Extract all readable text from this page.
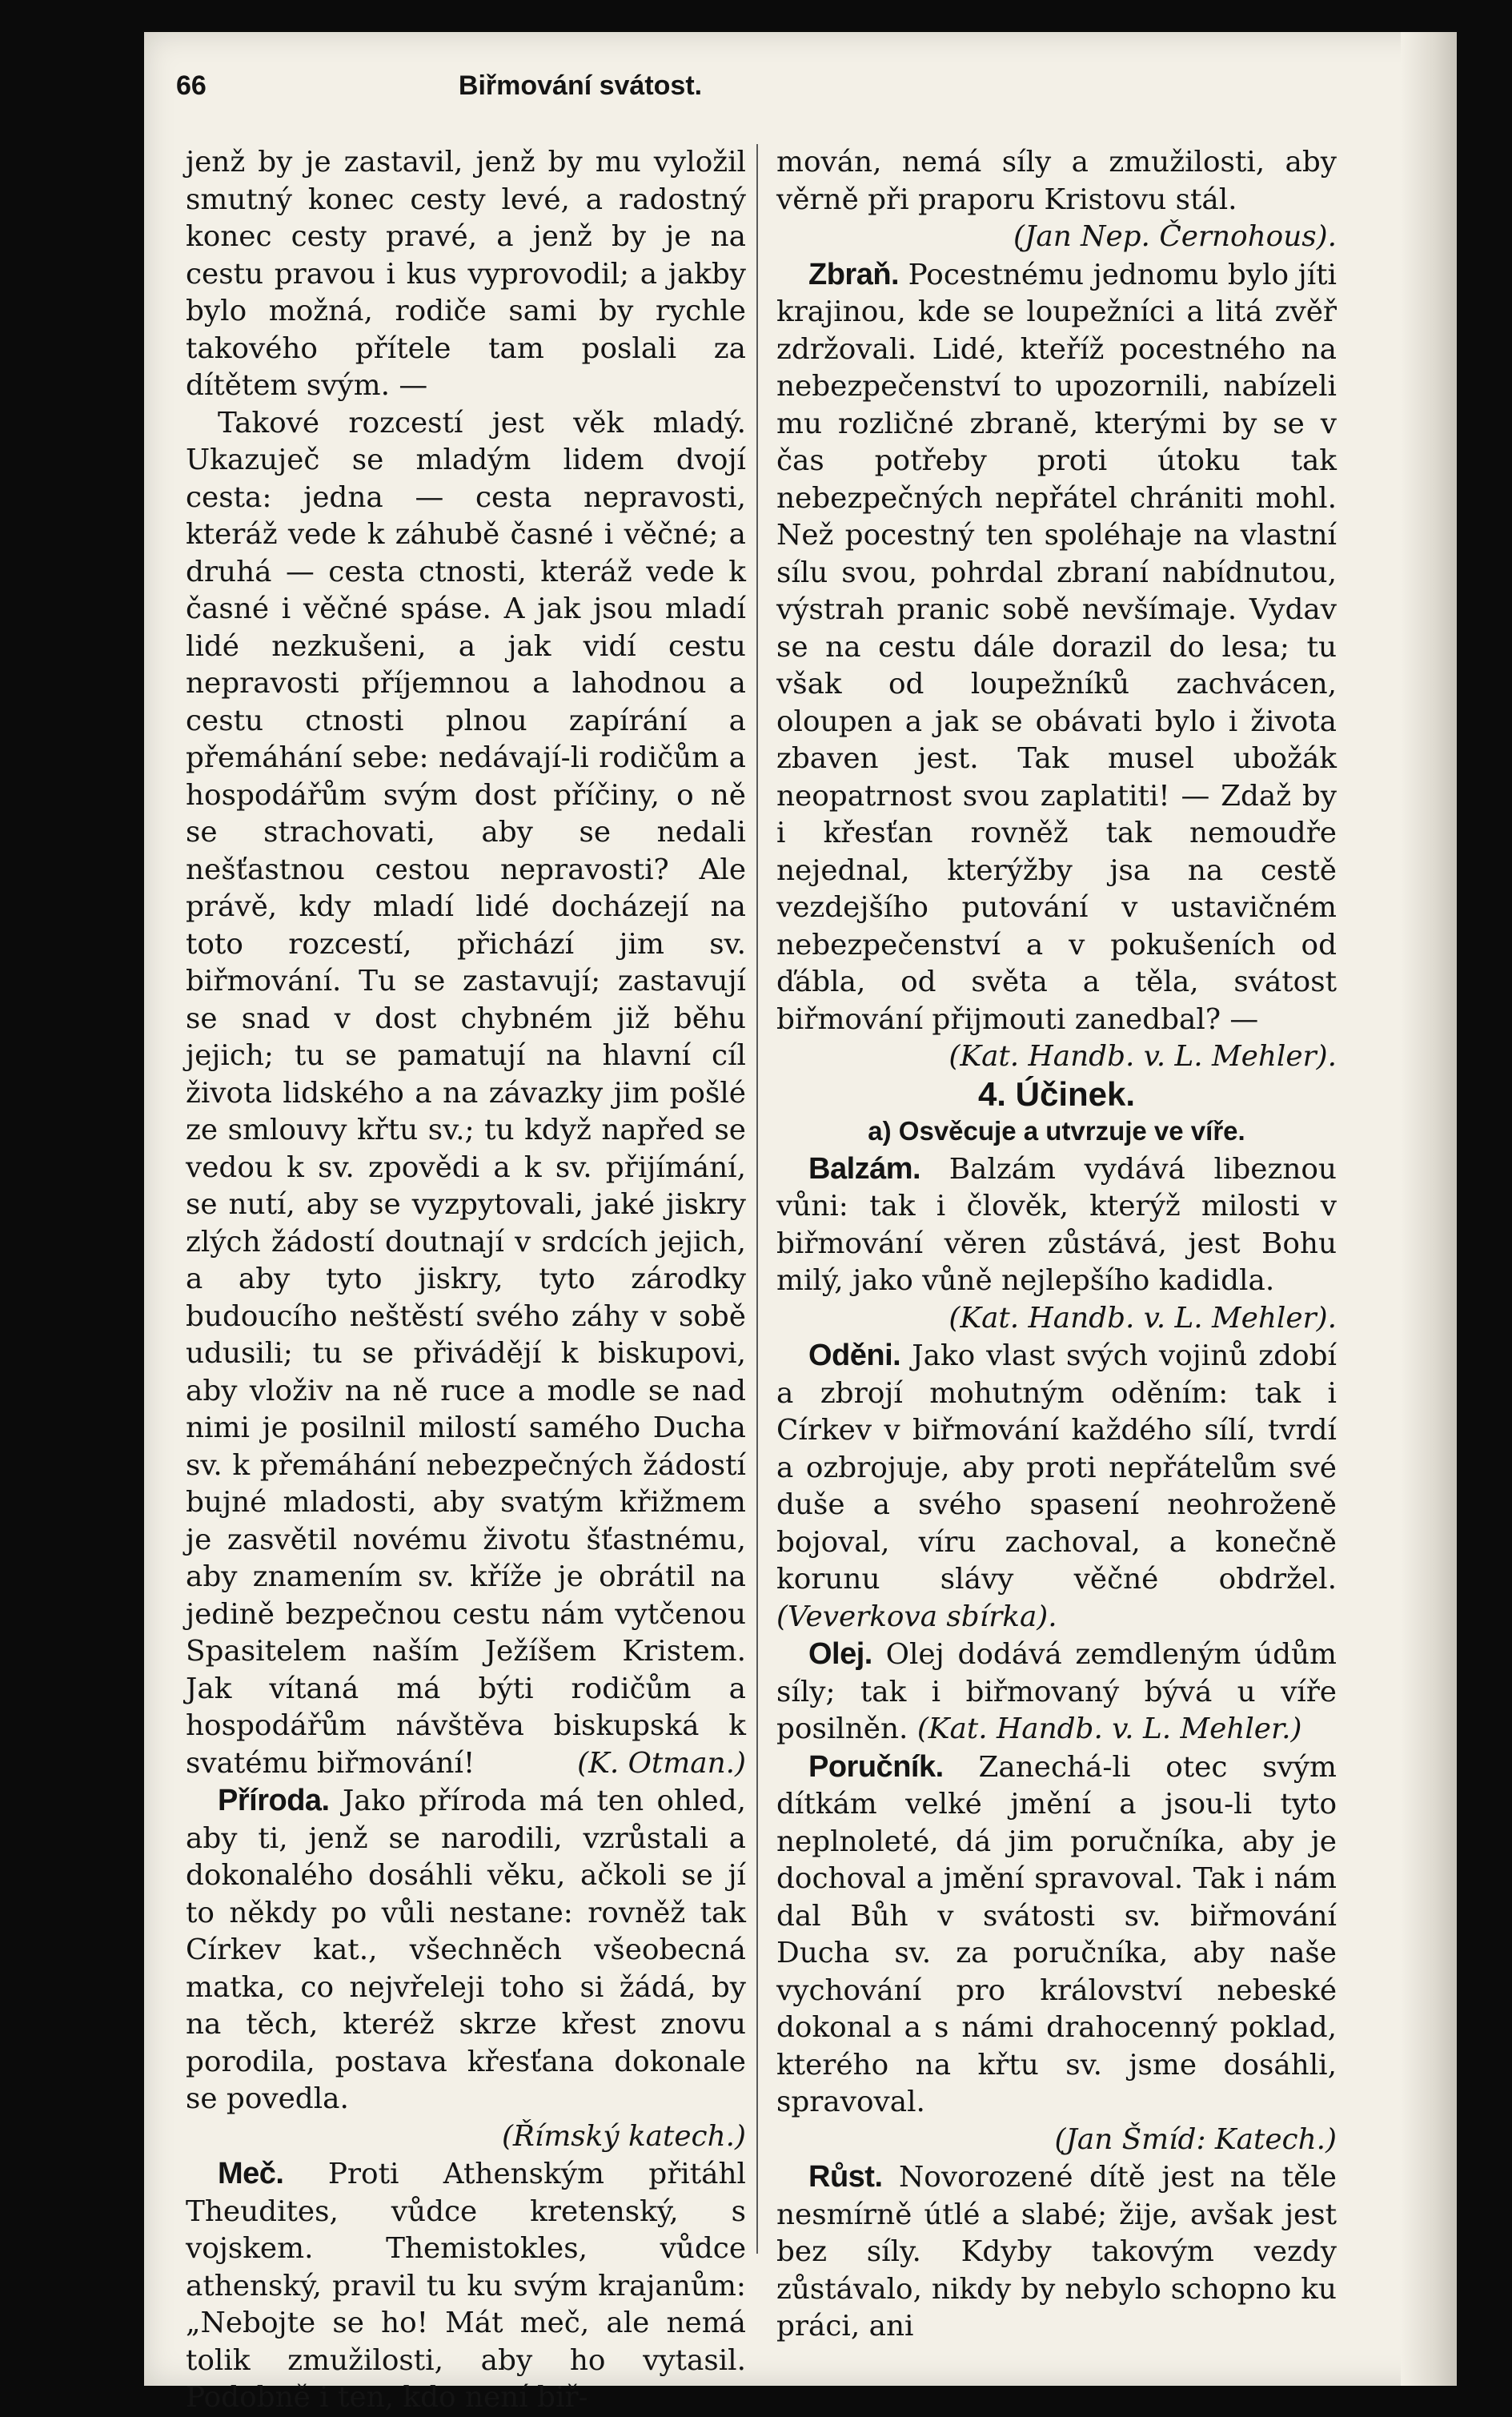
66	Biřmování svátost.

jenž by je zastavil, jenž by mu vyložil smutný konec cesty levé, a radostný konec cesty pravé, a jenž by je na cestu pravou i kus vyprovodil; a jakby bylo možná, rodiče sami by rychle takového přítele tam poslali za dítětem svým. —

Takové rozcestí jest věk mladý. Ukazuječ se mladým lidem dvojí cesta: jedna — cesta nepravosti, kteráž vede k záhubě časné i věčné; a druhá — cesta ctnosti, kteráž vede k časné i věčné spáse. A jak jsou mladí lidé nezkušeni, a jak vidí cestu nepravosti příjemnou a lahodnou a cestu ctnosti plnou zapírání a přemáhání sebe: nedávají-li rodičům a hospodářům svým dost příčiny, o ně se strachovati, aby se nedali nešťastnou cestou nepravosti? Ale právě, kdy mladí lidé docházejí na toto rozcestí, přichází jim sv. biřmování. Tu se zastavují; zastavují se snad v dost chybném již běhu jejich; tu se pamatují na hlavní cíl života lidského a na závazky jim pošlé ze smlouvy křtu sv.; tu když napřed se vedou k sv. zpovědi a k sv. přijímání, se nutí, aby se vyzpytovali, jaké jiskry zlých žádostí doutnají v srdcích jejich, a aby tyto jiskry, tyto zárodky budoucího neštěstí svého záhy v sobě udusili; tu se přivádějí k biskupovi, aby vloživ na ně ruce a modle se nad nimi je posilnil milostí samého Ducha sv. k přemáhání nebezpečných žádostí bujné mladosti, aby svatým křižmem je zasvětil novému životu šťastnému, aby znamením sv. kříže je obrátil na jedině bezpečnou cestu nám vytčenou Spasitelem naším Ježíšem Kristem. Jak vítaná má býti rodičům a hospodářům návštěva biskupská k svatému biřmování!	(K. Otman.)

Příroda. Jako příroda má ten ohled, aby ti, jenž se narodili, vzrůstali a dokonalého dosáhli věku, ačkoli se jí to někdy po vůli nestane: rovněž tak Církev kat., všechněch všeobecná matka, co nejvřeleji toho si žádá, by na těch, kteréž skrze křest znovu porodila, postava křesťana dokonale se povedla.

(Římský katech.)

Meč. Proti Athenským přitáhl Theudites, vůdce kretenský, s vojskem. Themistokles, vůdce athenský, pravil tu ku svým krajanům: „Nebojte se ho! Mát meč, ale nemá tolik zmužilosti, aby ho vytasil. Podobně i ten, kdo není biř-

mován, nemá síly a zmužilosti, aby věrně při praporu Kristovu stál.

(Jan Nep. Černohous).

Zbraň. Pocestnému jednomu bylo jíti krajinou, kde se loupežníci a litá zvěř zdržovali. Lidé, kteříž pocestného na nebezpečenství to upozornili, nabízeli mu rozličné zbraně, kterými by se v čas potřeby proti útoku tak nebezpečných nepřátel chrániti mohl. Než pocestný ten spoléhaje na vlastní sílu svou, pohrdal zbraní nabídnutou, výstrah pranic sobě nevšímaje. Vydav se na cestu dále dorazil do lesa; tu však od loupežníků zachvácen, oloupen a jak se obávati bylo i života zbaven jest. Tak musel ubožák neopatrnost svou zaplatiti! — Zdaž by i křesťan rovněž tak nemoudře nejednal, kterýžby jsa na cestě vezdejšího putování v ustavičném nebezpečenství a v pokušeních od ďábla, od světa a těla, svátost biřmování přijmouti zanedbal? —

(Kat. Handb. v. L. Mehler).

4. Účinek.

a) Osvěcuje a utvrzuje ve víře.

Balzám. Balzám vydává libeznou vůni: tak i člověk, kterýž milosti v biřmování věren zůstává, jest Bohu milý, jako vůně nejlepšího kadidla.

(Kat. Handb. v. L. Mehler).

Oděni. Jako vlast svých vojinů zdobí a zbrojí mohutným oděním: tak i Církev v biřmování každého sílí, tvrdí a ozbrojuje, aby proti nepřátelům své duše a svého spasení neohroženě bojoval, víru zachoval, a konečně korunu slávy věčné obdržel. (Veverkova sbírka).

Olej. Olej dodává zemdleným údům síly; tak i biřmovaný bývá u víře posilněn. (Kat. Handb. v. L. Mehler.)

Poručník. Zanechá-li otec svým dítkám velké jmění a jsou-li tyto neplnoleté, dá jim poručníka, aby je dochoval a jmění spravoval. Tak i nám dal Bůh v svátosti sv. biřmování Ducha sv. za poručníka, aby naše vychování pro království nebeské dokonal a s námi drahocenný poklad, kterého na křtu sv. jsme dosáhli, spravoval.

(Jan Šmíd: Katech.)

Růst. Novorozené dítě jest na těle nesmírně útlé a slabé; žije, avšak jest bez síly. Kdyby takovým vezdy zůstávalo, nikdy by nebylo schopno ku práci, ani
